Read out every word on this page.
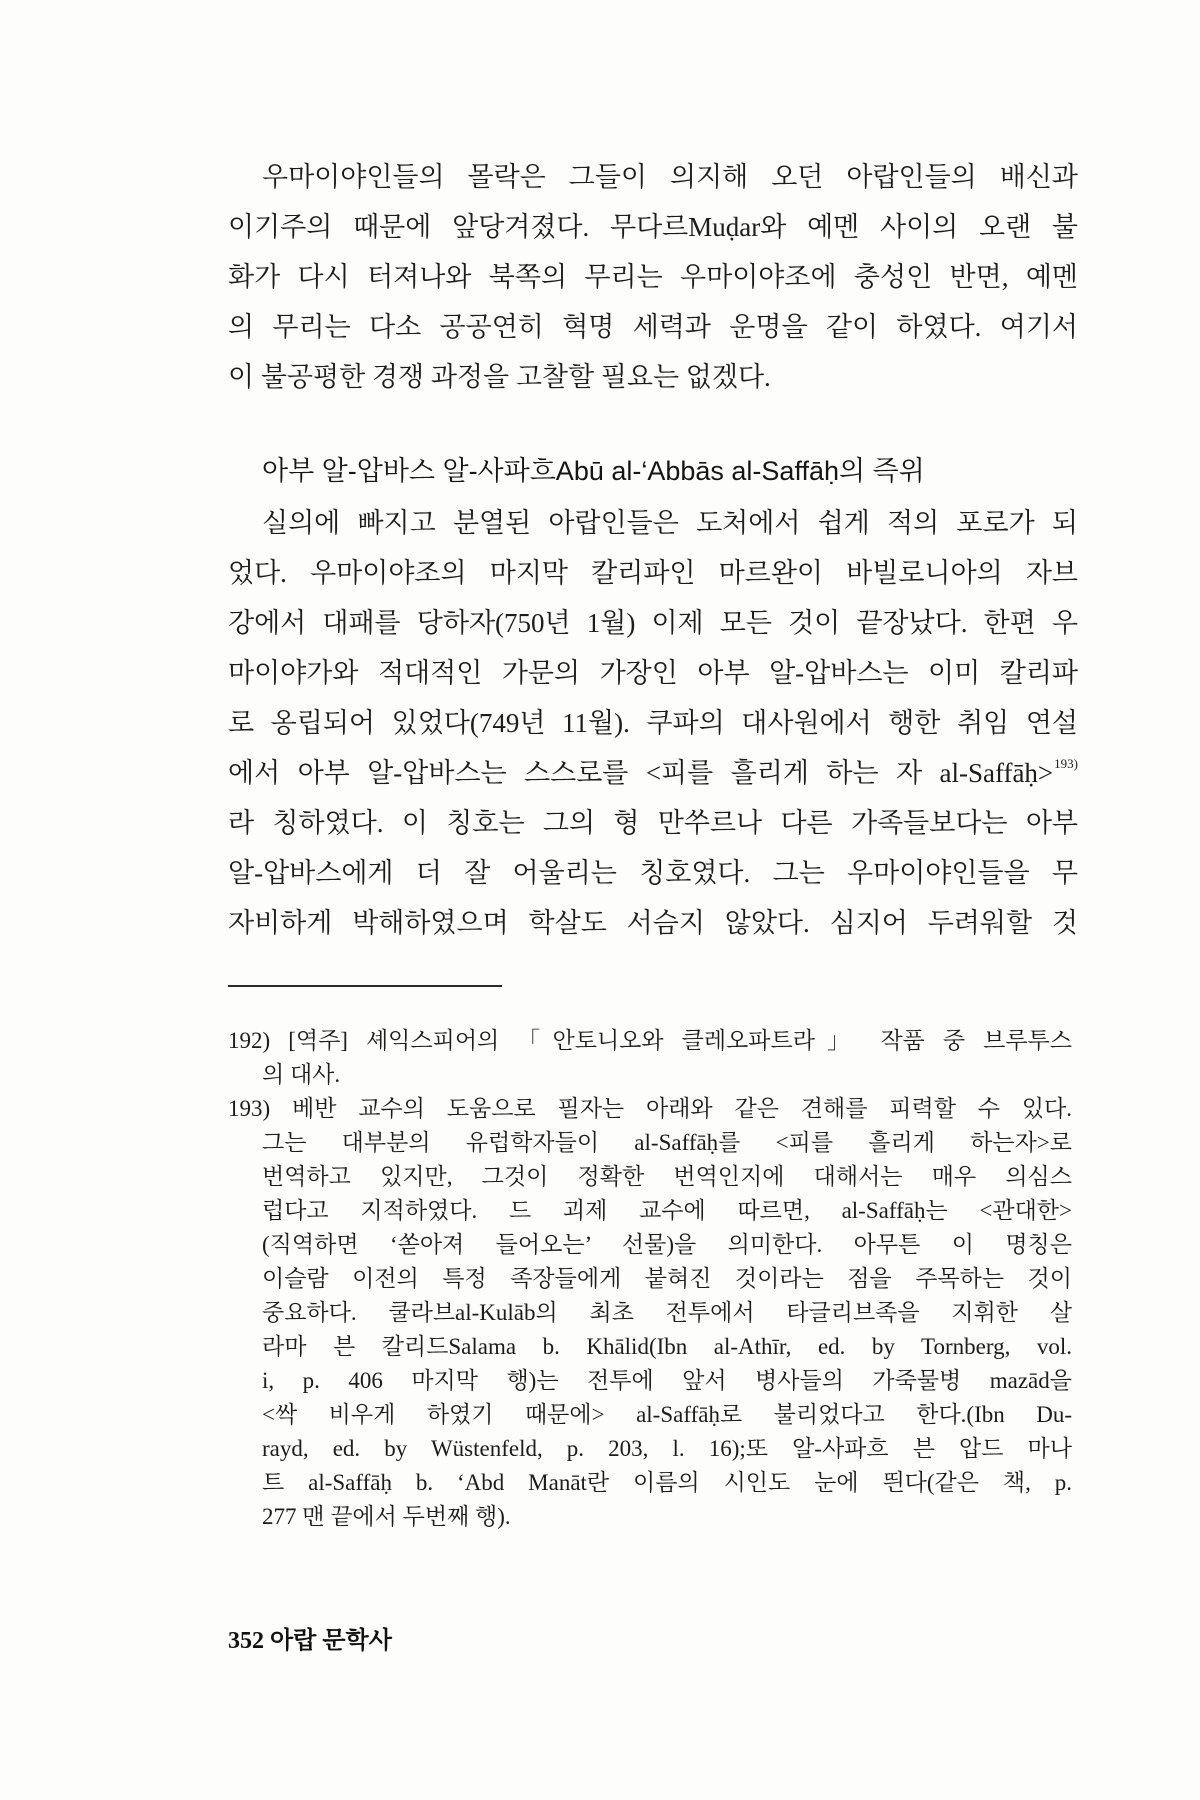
우마이야인들의 몰락은 그들이 의지해 오던 아랍인들의 배신과
이기주의 때문에 앞당겨졌다. 무다르Muḍar와 예멘 사이의 오랜 불
화가 다시 터져나와 북쪽의 무리는 우마이야조에 충성인 반면, 예멘
의 무리는 다소 공공연히 혁명 세력과 운명을 같이 하였다. 여기서
이 불공평한 경쟁 과정을 고찰할 필요는 없겠다.
아부 알-압바스 알-사파흐Abū al-‘Abbās al-Saffāḥ의 즉위
실의에 빠지고 분열된 아랍인들은 도처에서 쉽게 적의 포로가 되
었다. 우마이야조의 마지막 칼리파인 마르완이 바빌로니아의 자브
강에서 대패를 당하자(750년 1월) 이제 모든 것이 끝장났다. 한편 우
마이야가와 적대적인 가문의 가장인 아부 알-압바스는 이미 칼리파
로 옹립되어 있었다(749년 11월). 쿠파의 대사원에서 행한 취임 연설
에서 아부 알-압바스는 스스로를 <피를 흘리게 하는 자 al-Saffāḥ>$^{193)}$
라 칭하였다. 이 칭호는 그의 형 만쑤르나 다른 가족들보다는 아부
알-압바스에게 더 잘 어울리는 칭호였다. 그는 우마이야인들을 무
자비하게 박해하였으며 학살도 서슴지 않았다. 심지어 두려워할 것
192) [역주] 셰익스피어의 「안토니오와 클레오파트라」 작품 중 브루투스
의 대사.
193) 베반 교수의 도움으로 필자는 아래와 같은 견해를 피력할 수 있다.
그는 대부분의 유럽학자들이 al-Saffāḥ를 <피를 흘리게 하는자>로
번역하고 있지만, 그것이 정확한 번역인지에 대해서는 매우 의심스
럽다고 지적하였다. 드 괴제 교수에 따르면, al-Saffāḥ는 <관대한>
(직역하면 ‘쏟아져 들어오는’ 선물)을 의미한다. 아무튼 이 명칭은
이슬람 이전의 특정 족장들에게 붙혀진 것이라는 점을 주목하는 것이
중요하다. 쿨라브al-Kulāb의 최초 전투에서 타글리브족을 지휘한 살
라마 븐 칼리드Salama b. Khālid(Ibn al-Athīr, ed. by Tornberg, vol.
i, p. 406 마지막 행)는 전투에 앞서 병사들의 가죽물병 mazād을
<싹 비우게 하였기 때문에> al-Saffāḥ로 불리었다고 한다.(Ibn Du-
rayd, ed. by Wüstenfeld, p. 203, l. 16);또 알-사파흐 븐 압드 마나
트 al-Saffāḥ b. ‘Abd Manāt란 이름의 시인도 눈에 띈다(같은 책, p.
277 맨 끝에서 두번째 행).
352 아랍 문학사
